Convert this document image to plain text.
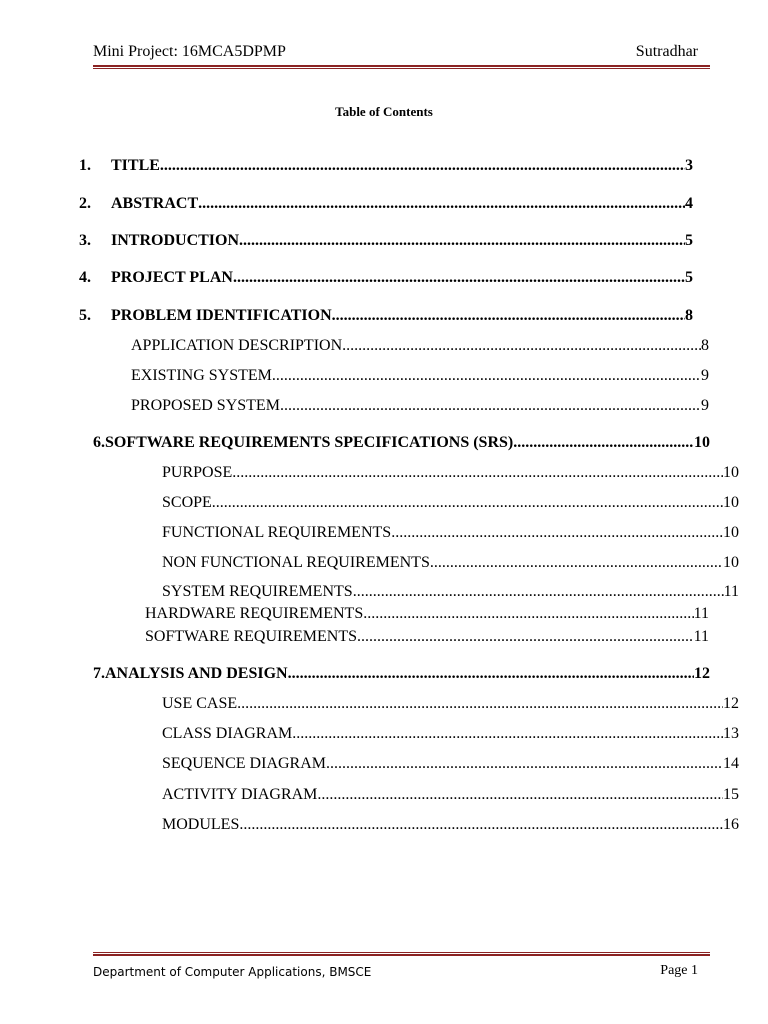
Mini Project: 16MCA5DPMP	Sutradhar
Table of Contents
1.	TITLE .....	3
2.	ABSTRACT .....	4
3.	INTRODUCTION .....	5
4.	PROJECT PLAN .....	5
5.	PROBLEM IDENTIFICATION .....	8
APPLICATION DESCRIPTION .....	8
EXISTING SYSTEM .....	9
PROPOSED SYSTEM .....	9
6.SOFTWARE REQUIREMENTS SPECIFICATIONS (SRS) .....	10
PURPOSE .....	10
SCOPE .....	10
FUNCTIONAL REQUIREMENTS .....	10
NON FUNCTIONAL REQUIREMENTS .....	10
SYSTEM REQUIREMENTS .....	11
HARDWARE REQUIREMENTS .....	11
SOFTWARE REQUIREMENTS .....	11
7.ANALYSIS AND DESIGN .....	12
USE CASE .....	12
CLASS DIAGRAM .....	13
SEQUENCE DIAGRAM .....	14
ACTIVITY DIAGRAM .....	15
MODULES .....	16
Department of Computer Applications, BMSCE	Page 1
